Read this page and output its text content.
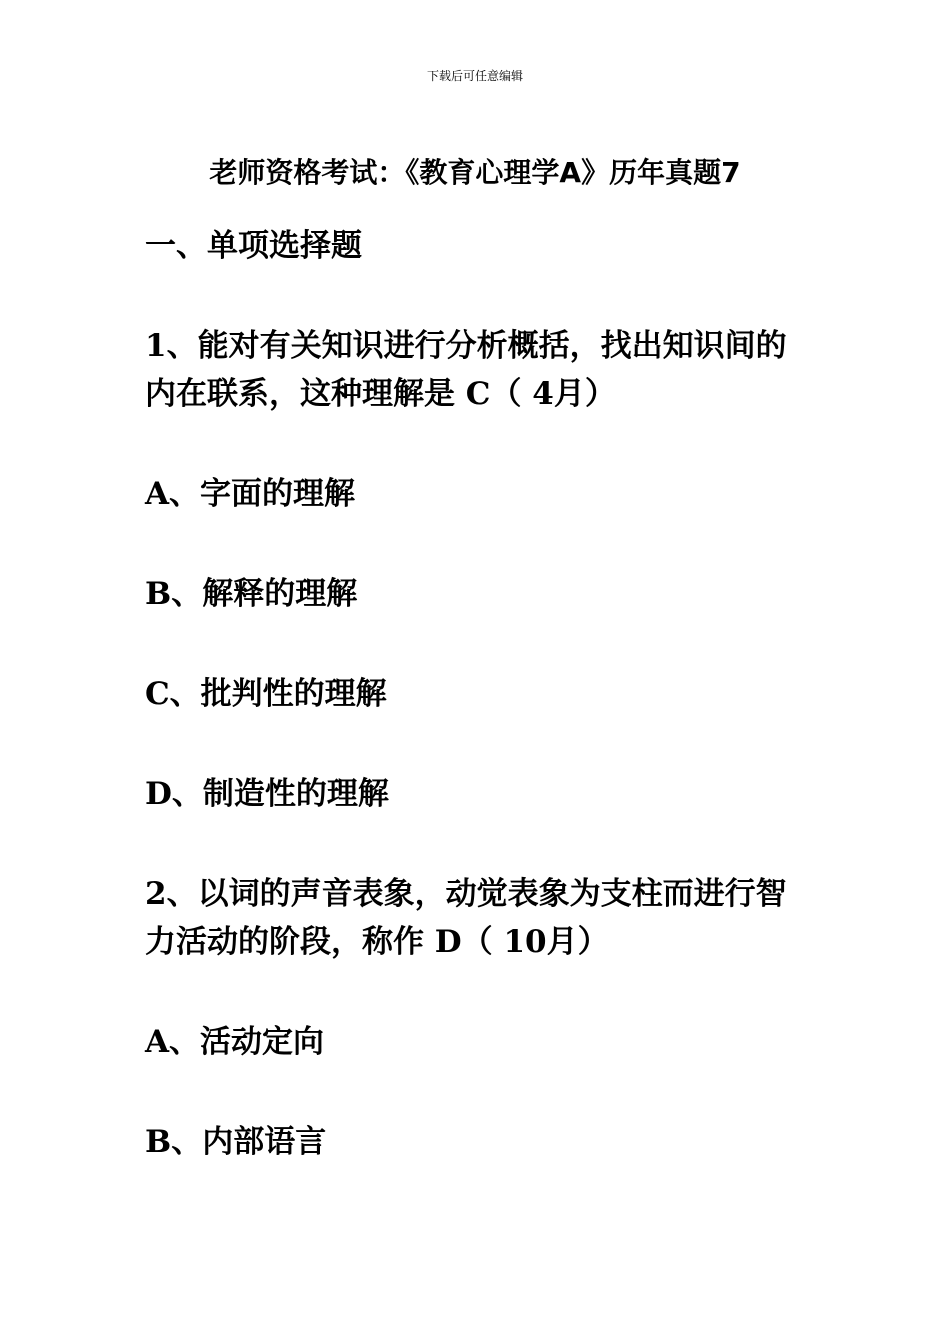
下载后可任意编辑
老师资格考试：《教育心理学A》历年真题7
一、单项选择题
1、能对有关知识进行分析概括，找出知识间的
内在联系，这种理解是 C（ 4月）
A、字面的理解
B、解释的理解
C、批判性的理解
D、制造性的理解
2、以词的声音表象，动觉表象为支柱而进行智
力活动的阶段，称作 D（ 10月）
A、活动定向
B、内部语言
